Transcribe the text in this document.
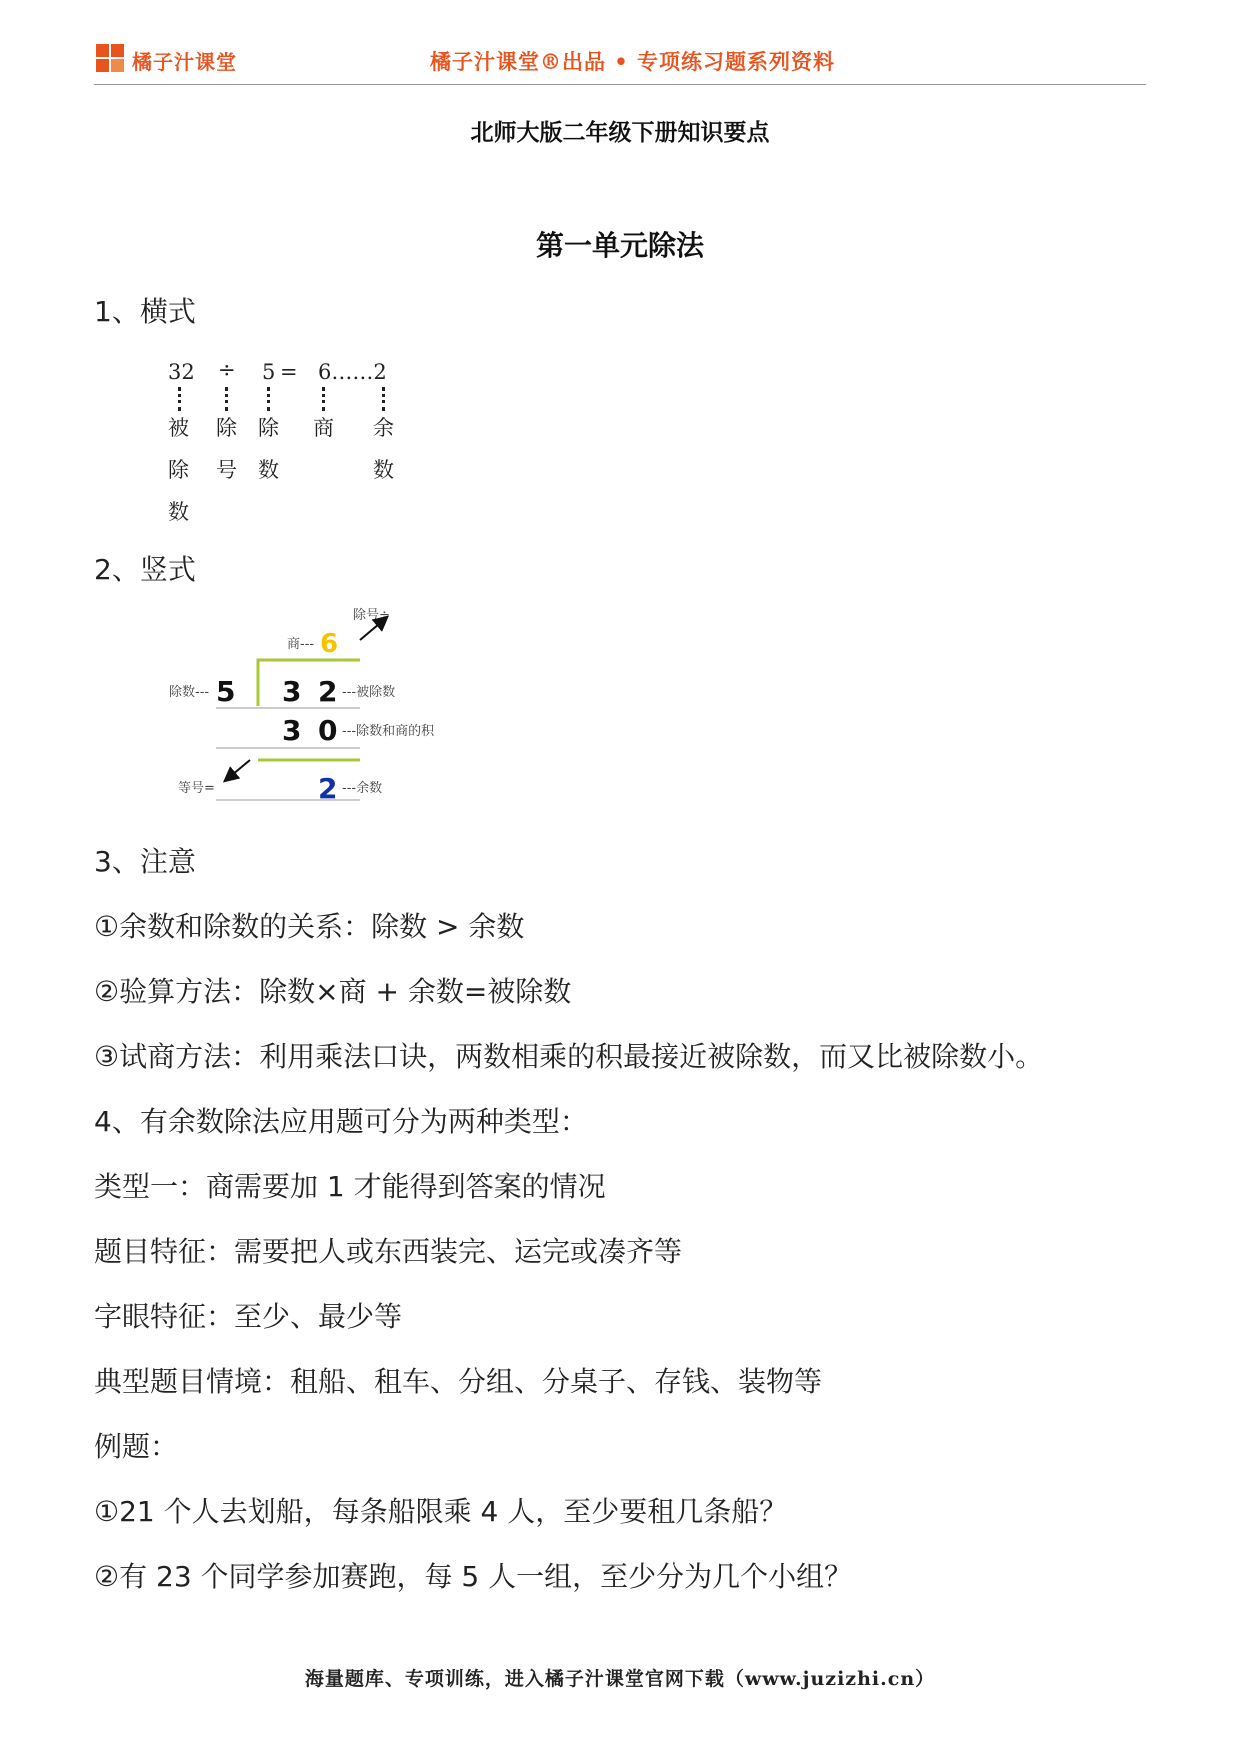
橘子汁课堂	橘子汁课堂®出品 • 专项练习题系列资料
北师大版二年级下册知识要点
第一单元除法
1、横式
32 ÷ 5 = 6……2
被
除
数
除
号
除
数
商 余
数
2、竖式
除号÷
商--- 6
除数--- 5 3 2 ---被除数
3 0 ---除数和商的积
等号=	2 ---余数
3、注意
①余数和除数的关系：除数 > 余数
②验算方法：除数×商 + 余数=被除数
③试商方法：利用乘法口诀，两数相乘的积最接近被除数，而又比被除数小。
4、有余数除法应用题可分为两种类型：
类型一：商需要加 1 才能得到答案的情况
题目特征：需要把人或东西装完、运完或凑齐等
字眼特征：至少、最少等
典型题目情境：租船、租车、分组、分桌子、存钱、装物等
例题：
①21 个人去划船，每条船限乘 4 人，至少要租几条船？
②有 23 个同学参加赛跑，每 5 人一组，至少分为几个小组？
海量题库、专项训练，进入橘子汁课堂官网下载（www.juzizhi.cn）
